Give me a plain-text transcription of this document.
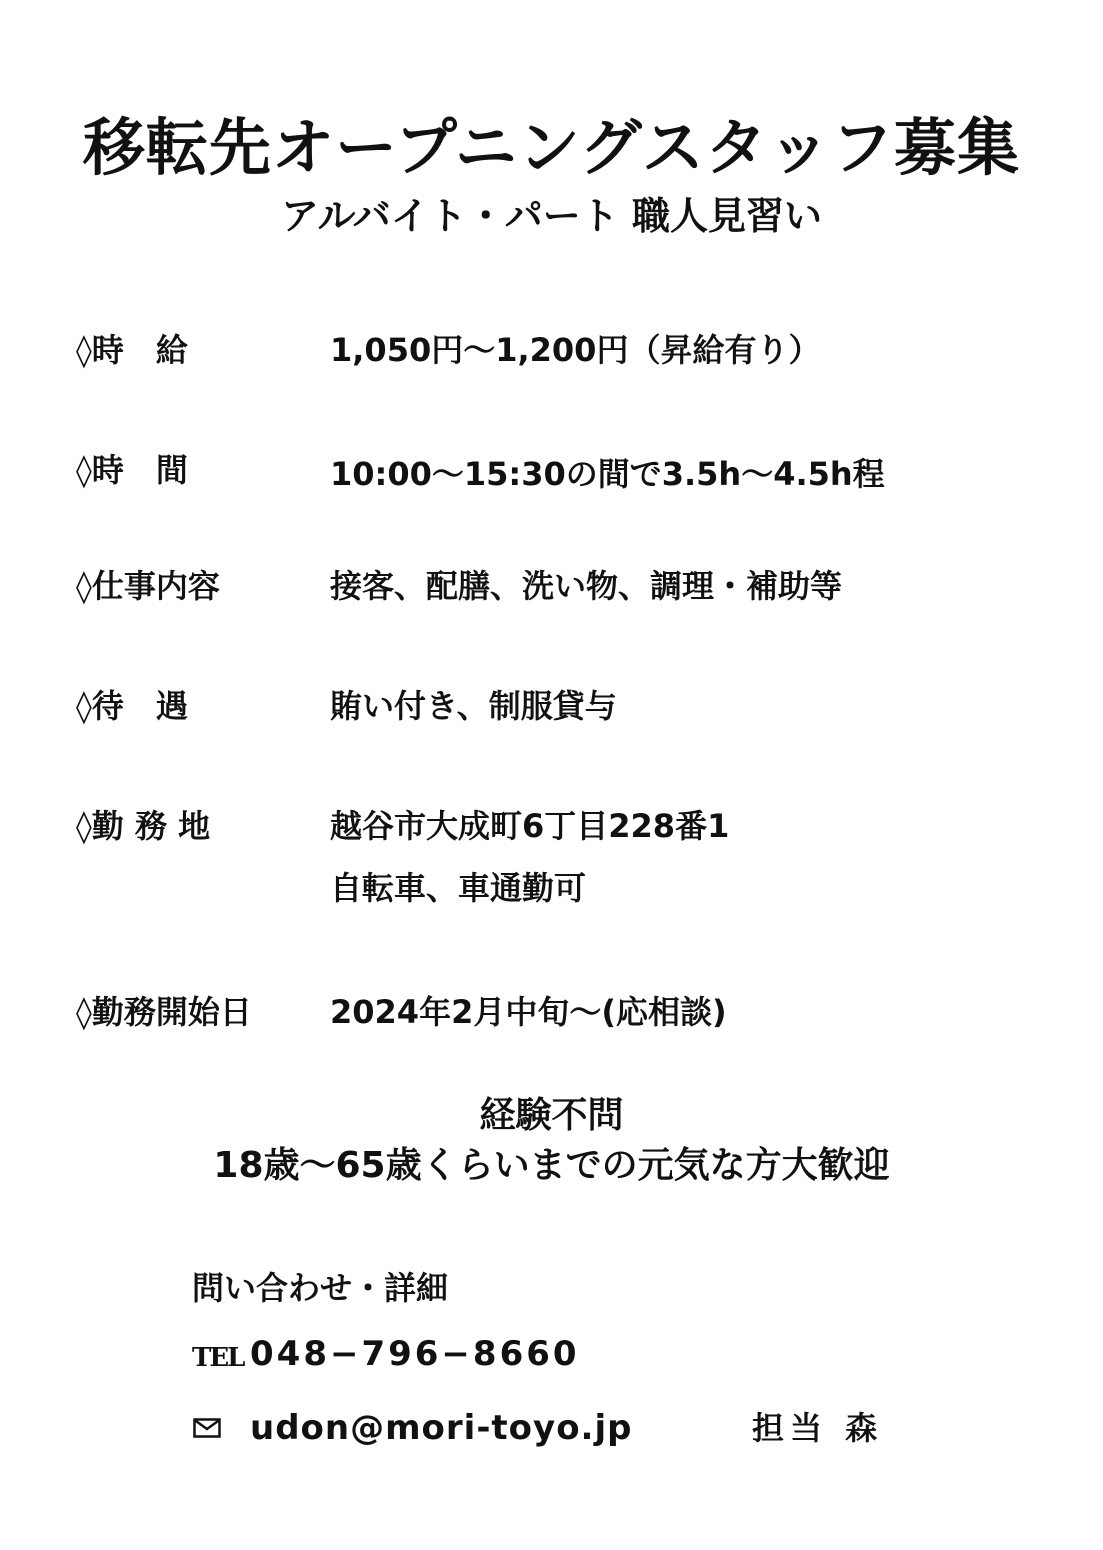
移転先オープニングスタッフ募集
アルバイト・パート 職人見習い
◊時　給	1,050円～1,200円（昇給有り）
◊時　間	10:00～15:30の間で3.5h～4.5h程
◊仕事内容	接客、配膳、洗い物、調理・補助等
◊待　遇	賄い付き、制服貸与
◊勤 務 地	越谷市大成町6丁目228番1
自転車、車通勤可
◊勤務開始日 2024年2月中旬～(応相談)
経験不問
18歳～65歳くらいまでの元気な方大歓迎
問い合わせ・詳細
TEL 048−796−8660
udon@mori-toyo.jp	担当 森
